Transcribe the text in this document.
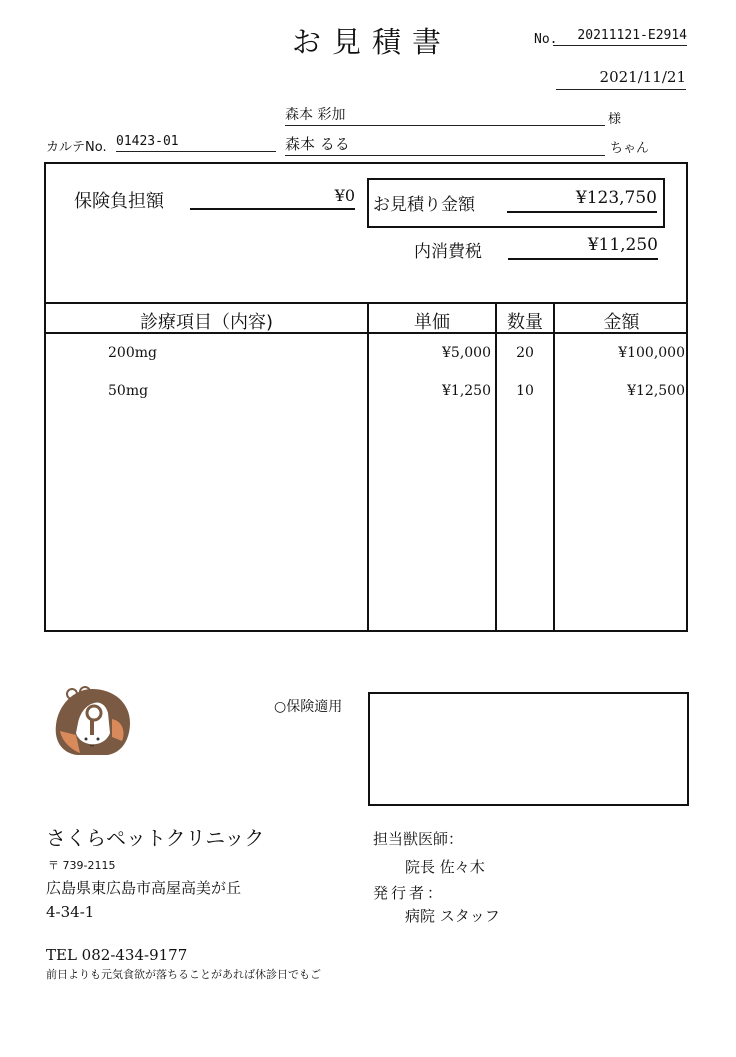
お見積書	No.	20211121-E2914
2021/11/21
森本 彩加	様
カルテNo. 01423-01	森本 るる	ちゃん
保険負担額	¥0 お見積り金額	¥123,750
内消費税	¥11,250
診療項目（内容)	単価	数量	金額
200mg	¥5,000	20	¥100,000
50mg	¥1,250	10	¥12,500
○保険適用
さくらペットクリニック
〒 739-2115
広島県東広島市高屋高美が丘
4-34-1
TEL 082-434-9177
前日よりも元気食欲が落ちることがあれば休診日でもご
担当獣医師：
院長 佐々木
発行者：
病院 スタッフ
